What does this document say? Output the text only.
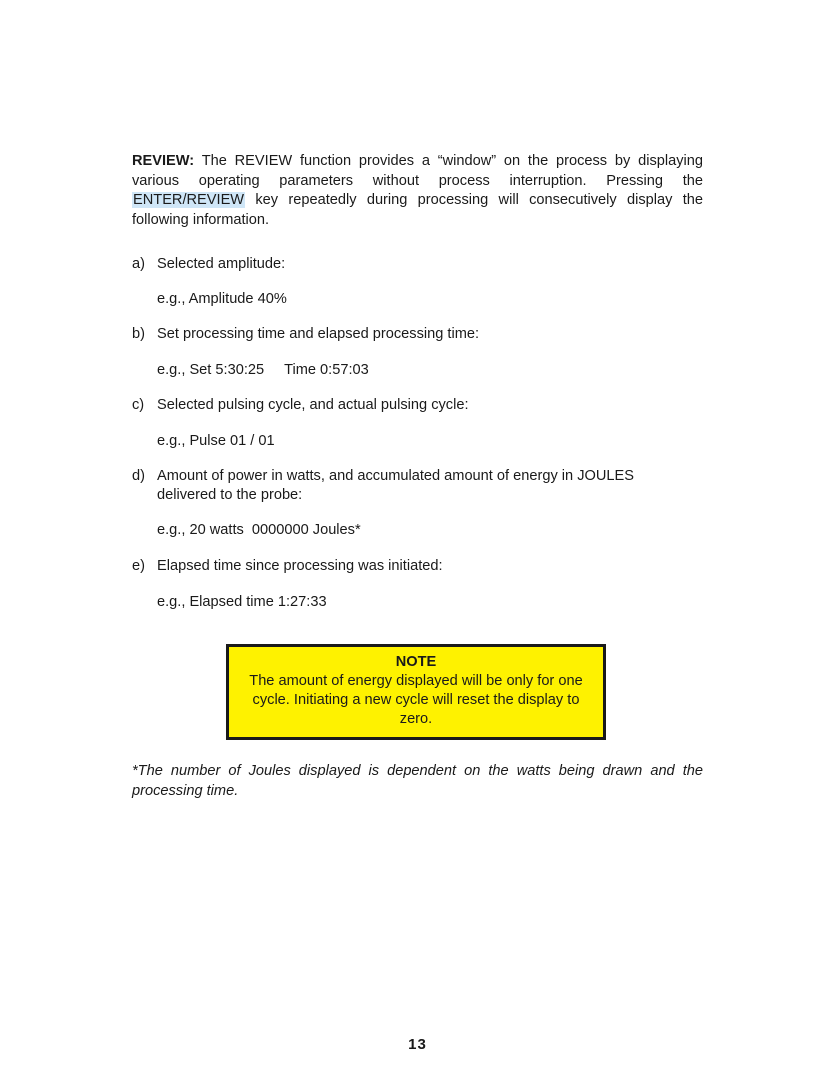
REVIEW: The REVIEW function provides a “window” on the process by displaying various operating parameters without process interruption. Pressing the ENTER/REVIEW key repeatedly during processing will consecutively display the following information.

a) Selected amplitude:
e.g., Amplitude 40%
b) Set processing time and elapsed processing time:
e.g., Set 5:30:25     Time 0:57:03
c) Selected pulsing cycle, and actual pulsing cycle:
e.g., Pulse 01 / 01
d) Amount of power in watts, and accumulated amount of energy in JOULES delivered to the probe:
e.g., 20 watts  0000000 Joules*
e) Elapsed time since processing was initiated:
e.g., Elapsed time 1:27:33
NOTE
The amount of energy displayed will be only for one cycle. Initiating a new cycle will reset the display to zero.

*The number of Joules displayed is dependent on the watts being drawn and the processing time.

13
